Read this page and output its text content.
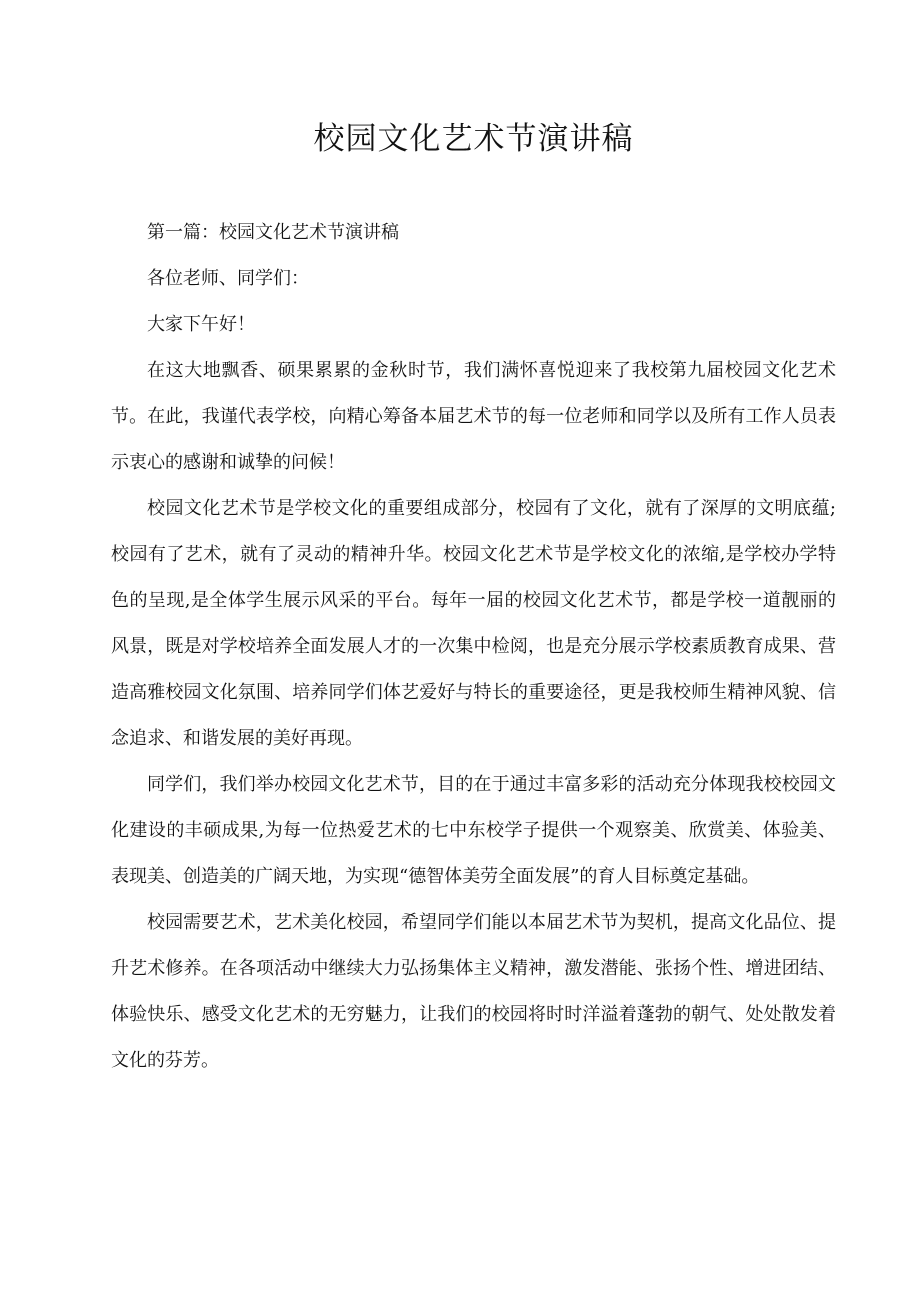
校园文化艺术节演讲稿

第一篇：校园文化艺术节演讲稿

各位老师、同学们：

大家下午好！

在这大地飘香、硕果累累的金秋时节，我们满怀喜悦迎来了我校第九届校园文化艺术节。在此，我谨代表学校，向精心筹备本届艺术节的每一位老师和同学以及所有工作人员表示衷心的感谢和诚挚的问候！

校园文化艺术节是学校文化的重要组成部分，校园有了文化，就有了深厚的文明底蕴;校园有了艺术，就有了灵动的精神升华。校园文化艺术节是学校文化的浓缩,是学校办学特色的呈现,是全体学生展示风采的平台。每年一届的校园文化艺术节，都是学校一道靓丽的风景，既是对学校培养全面发展人才的一次集中检阅，也是充分展示学校素质教育成果、营造高雅校园文化氛围、培养同学们体艺爱好与特长的重要途径，更是我校师生精神风貌、信念追求、和谐发展的美好再现。

同学们，我们举办校园文化艺术节，目的在于通过丰富多彩的活动充分体现我校校园文化建设的丰硕成果,为每一位热爱艺术的七中东校学子提供一个观察美、欣赏美、体验美、表现美、创造美的广阔天地，为实现“德智体美劳全面发展”的育人目标奠定基础。

校园需要艺术，艺术美化校园，希望同学们能以本届艺术节为契机，提高文化品位、提升艺术修养。在各项活动中继续大力弘扬集体主义精神，激发潜能、张扬个性、增进团结、体验快乐、感受文化艺术的无穷魅力，让我们的校园将时时洋溢着蓬勃的朝气、处处散发着文化的芬芳。
